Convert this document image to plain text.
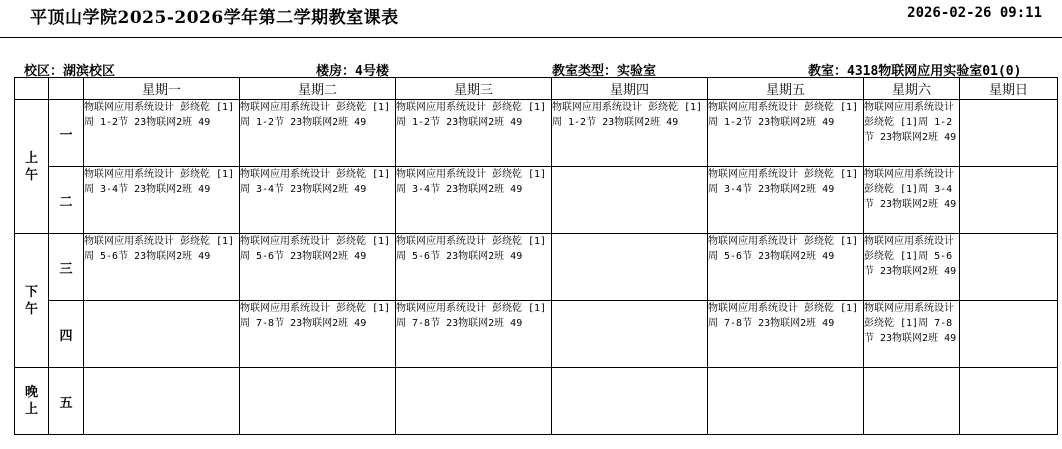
平顶山学院2025-2026学年第二学期教室课表	2026-02-26 09:11
校区：湖滨校区	楼房：4号楼	教室类型：实验室	教室：4318物联网应用实验室01(0)
		星期一	星期二	星期三	星期四	星期五	星期六	星期日

上
午	一	物联网应用系统设计 彭绕乾 [1]周 1-2节 23物联网2班 49	物联网应用系统设计 彭绕乾 [1]周 1-2节 23物联网2班 49	物联网应用系统设计 彭绕乾 [1]周 1-2节 23物联网2班 49	物联网应用系统设计 彭绕乾 [1]周 1-2节 23物联网2班 49	物联网应用系统设计 彭绕乾 [1]周 1-2节 23物联网2班 49	物联网应用系统设计 彭绕乾 [1]周 1-2节 23物联网2班 49	
	二	物联网应用系统设计 彭绕乾 [1]周 3-4节 23物联网2班 49	物联网应用系统设计 彭绕乾 [1]周 3-4节 23物联网2班 49	物联网应用系统设计 彭绕乾 [1]周 3-4节 23物联网2班 49		物联网应用系统设计 彭绕乾 [1]周 3-4节 23物联网2班 49	物联网应用系统设计 彭绕乾 [1]周 3-4节 23物联网2班 49	

下
午	三	物联网应用系统设计 彭绕乾 [1]周 5-6节 23物联网2班 49	物联网应用系统设计 彭绕乾 [1]周 5-6节 23物联网2班 49	物联网应用系统设计 彭绕乾 [1]周 5-6节 23物联网2班 49		物联网应用系统设计 彭绕乾 [1]周 5-6节 23物联网2班 49	物联网应用系统设计 彭绕乾 [1]周 5-6节 23物联网2班 49	
	四		物联网应用系统设计 彭绕乾 [1]周 7-8节 23物联网2班 49	物联网应用系统设计 彭绕乾 [1]周 7-8节 23物联网2班 49		物联网应用系统设计 彭绕乾 [1]周 7-8节 23物联网2班 49	物联网应用系统设计 彭绕乾 [1]周 7-8节 23物联网2班 49	

晚
上	五							
